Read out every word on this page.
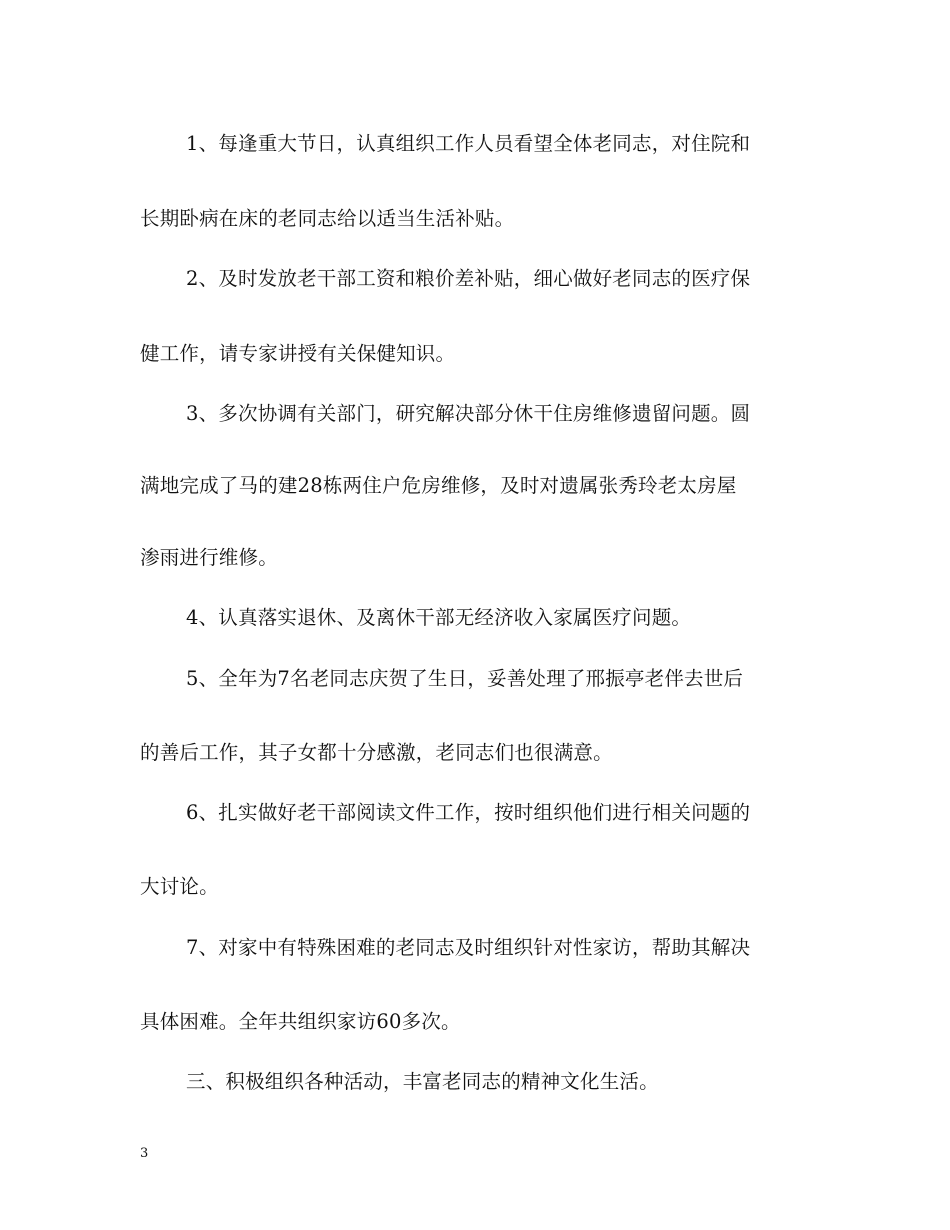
1、每逢重大节日，认真组织工作人员看望全体老同志，对住院和
长期卧病在床的老同志给以适当生活补贴。
2、及时发放老干部工资和粮价差补贴，细心做好老同志的医疗保
健工作，请专家讲授有关保健知识。
3、多次协调有关部门，研究解决部分休干住房维修遗留问题。圆
满地完成了马的建28栋两住户危房维修，及时对遗属张秀玲老太房屋
渗雨进行维修。
4、认真落实退休、及离休干部无经济收入家属医疗问题。
5、全年为7名老同志庆贺了生日，妥善处理了邢振亭老伴去世后
的善后工作，其子女都十分感激，老同志们也很满意。
6、扎实做好老干部阅读文件工作，按时组织他们进行相关问题的
大讨论。
7、对家中有特殊困难的老同志及时组织针对性家访，帮助其解决
具体困难。全年共组织家访60多次。
三、积极组织各种活动，丰富老同志的精神文化生活。
3
